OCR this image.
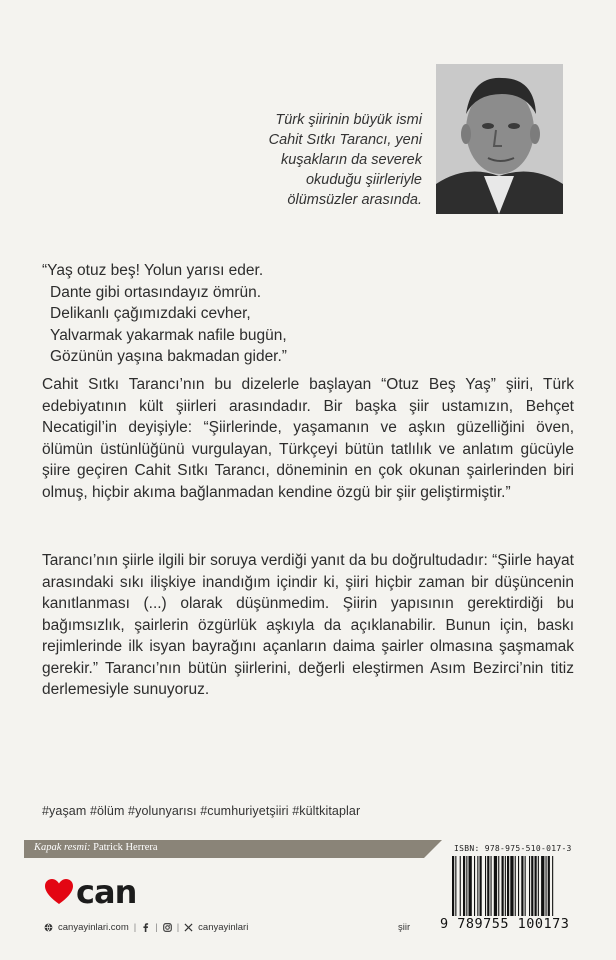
Türk şiirinin büyük ismi
Cahit Sıtkı Tarancı, yeni
kuşakların da severek
okuduğu şiirleriyle
ölümsüzler arasında.
“Yaş otuz beş! Yolun yarısı eder.
Dante gibi ortasındayız ömrün.
Delikanlı çağımızdaki cevher,
Yalvarmak yakarmak nafile bugün,
Gözünün yaşına bakmadan gider.”
Cahit Sıtkı Tarancı’nın bu dizelerle başlayan “Otuz Beş Yaş” şiiri, Türk edebiyatının kült şiirleri arasındadır. Bir başka şiir ustamızın, Behçet Necatigil’in deyişiyle: “Şiirlerinde, yaşamanın ve aşkın güzelliğini öven, ölümün üstünlüğünü vurgulayan, Türkçeyi bütün tatlılık ve anlatım gücüyle şiire geçiren Cahit Sıtkı Tarancı, döneminin en çok okunan şairlerinden biri olmuş, hiçbir akıma bağlanmadan kendine özgü bir şiir geliştirmiştir.”
Tarancı’nın şiirle ilgili bir soruya verdiği yanıt da bu doğrultudadır: “Şiirle hayat arasındaki sıkı ilişkiye inandığım içindir ki, şiiri hiçbir zaman bir düşüncenin kanıtlanması (...) olarak düşünmedim. Şiirin yapısının gerektirdiği bu bağımsızlık, şairlerin özgürlük aşkıyla da açıklanabilir. Bunun için, baskı rejimlerinde ilk isyan bayrağını açanların daima şairler olmasına şaşmamak gerekir.” Tarancı’nın bütün şiirlerini, değerli eleştirmen Asım Bezirci’nin titiz derlemesiyle sunuyoruz.
#yaşam #ölüm #yolunyarısı #cumhuriyetşiiri #kültkitaplar
Kapak resmi: Patrick Herrera
can
canyayinlari.com | | | canyayinlari	şiir
ISBN: 978-975-510-017-3
9 789755 100173
